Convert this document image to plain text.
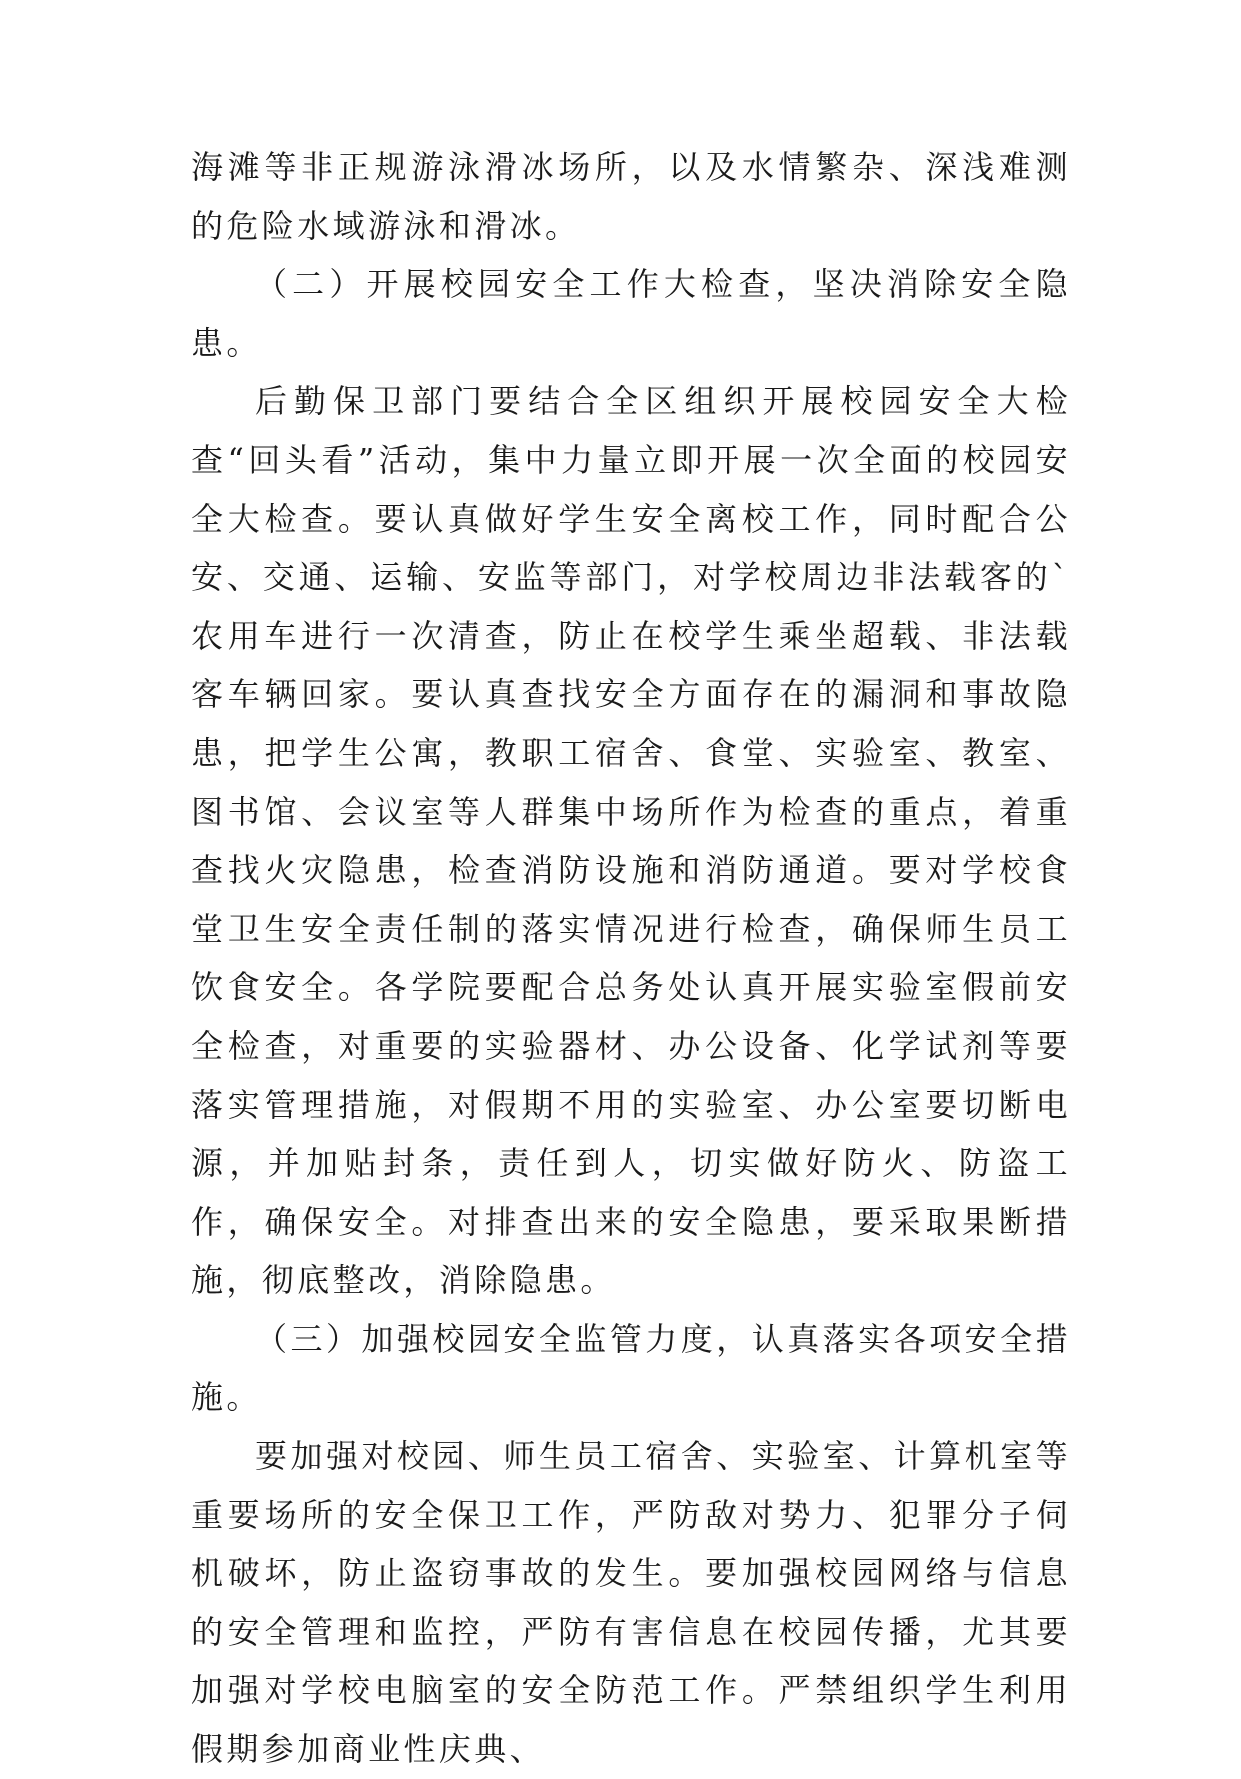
海滩等非正规游泳滑冰场所，以及水情繁杂、深浅难测的危险水域游泳和滑冰。

（二）开展校园安全工作大检查，坚决消除安全隐患。

后勤保卫部门要结合全区组织开展校园安全大检查“回头看”活动，集中力量立即开展一次全面的校园安全大检查。要认真做好学生安全离校工作，同时配合公安、交通、运输、安监等部门，对学校周边非法载客的`农用车进行一次清查，防止在校学生乘坐超载、非法载客车辆回家。要认真查找安全方面存在的漏洞和事故隐患，把学生公寓，教职工宿舍、食堂、实验室、教室、图书馆、会议室等人群集中场所作为检查的重点，着重查找火灾隐患，检查消防设施和消防通道。要对学校食堂卫生安全责任制的落实情况进行检查，确保师生员工饮食安全。各学院要配合总务处认真开展实验室假前安全检查，对重要的实验器材、办公设备、化学试剂等要落实管理措施，对假期不用的实验室、办公室要切断电源，并加贴封条，责任到人，切实做好防火、防盗工作，确保安全。对排查出来的安全隐患，要采取果断措施，彻底整改，消除隐患。

（三）加强校园安全监管力度，认真落实各项安全措施。

要加强对校园、师生员工宿舍、实验室、计算机室等重要场所的安全保卫工作，严防敌对势力、犯罪分子伺机破坏，防止盗窃事故的发生。要加强校园网络与信息的安全管理和监控，严防有害信息在校园传播，尤其要加强对学校电脑室的安全防范工作。严禁组织学生利用假期参加商业性庆典、
